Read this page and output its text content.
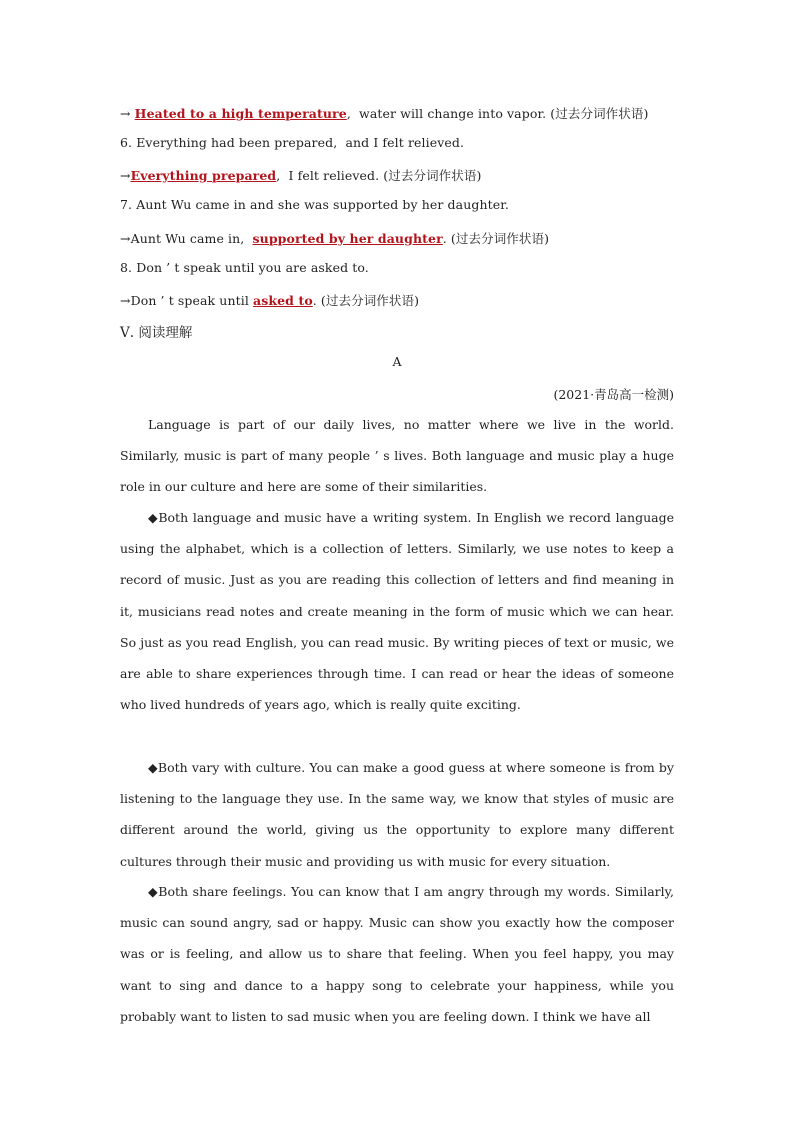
→ Heated to a high temperature,  water will change into vapor. (过去分词作状语)
6. Everything had been prepared,  and I felt relieved.
→Everything prepared,  I felt relieved. (过去分词作状语)
7. Aunt Wu came in and she was supported by her daughter.
→Aunt Wu came in,  supported by her daughter. (过去分词作状语)
8. Don ’ t speak until you are asked to.
→Don ’ t speak until asked to. (过去分词作状语)
Ⅴ. 阅读理解
A
(2021·青岛高一检测)

Language is part of our daily lives, no matter where we live in the world. Similarly, music is part of many people ’ s lives. Both language and music play a huge role in our culture and here are some of their similarities.

◆Both language and music have a writing system. In English we record language using the alphabet, which is a collection of letters. Similarly, we use notes to keep a record of music. Just as you are reading this collection of letters and find meaning in it, musicians read notes and create meaning in the form of music which we can hear. So just as you read English, you can read music. By writing pieces of text or music, we are able to share experiences through time. I can read or hear the ideas of someone who lived hundreds of years ago, which is really quite exciting.

◆Both vary with culture. You can make a good guess at where someone is from by listening to the language they use. In the same way, we know that styles of music are different around the world, giving us the opportunity to explore many different cultures through their music and providing us with music for every situation.

◆Both share feelings. You can know that I am angry through my words. Similarly, music can sound angry, sad or happy. Music can show you exactly how the composer was or is feeling, and allow us to share that feeling. When you feel happy, you may want to sing and dance to a happy song to celebrate your happiness, while you probably want to listen to sad music when you are feeling down. I think we have all
